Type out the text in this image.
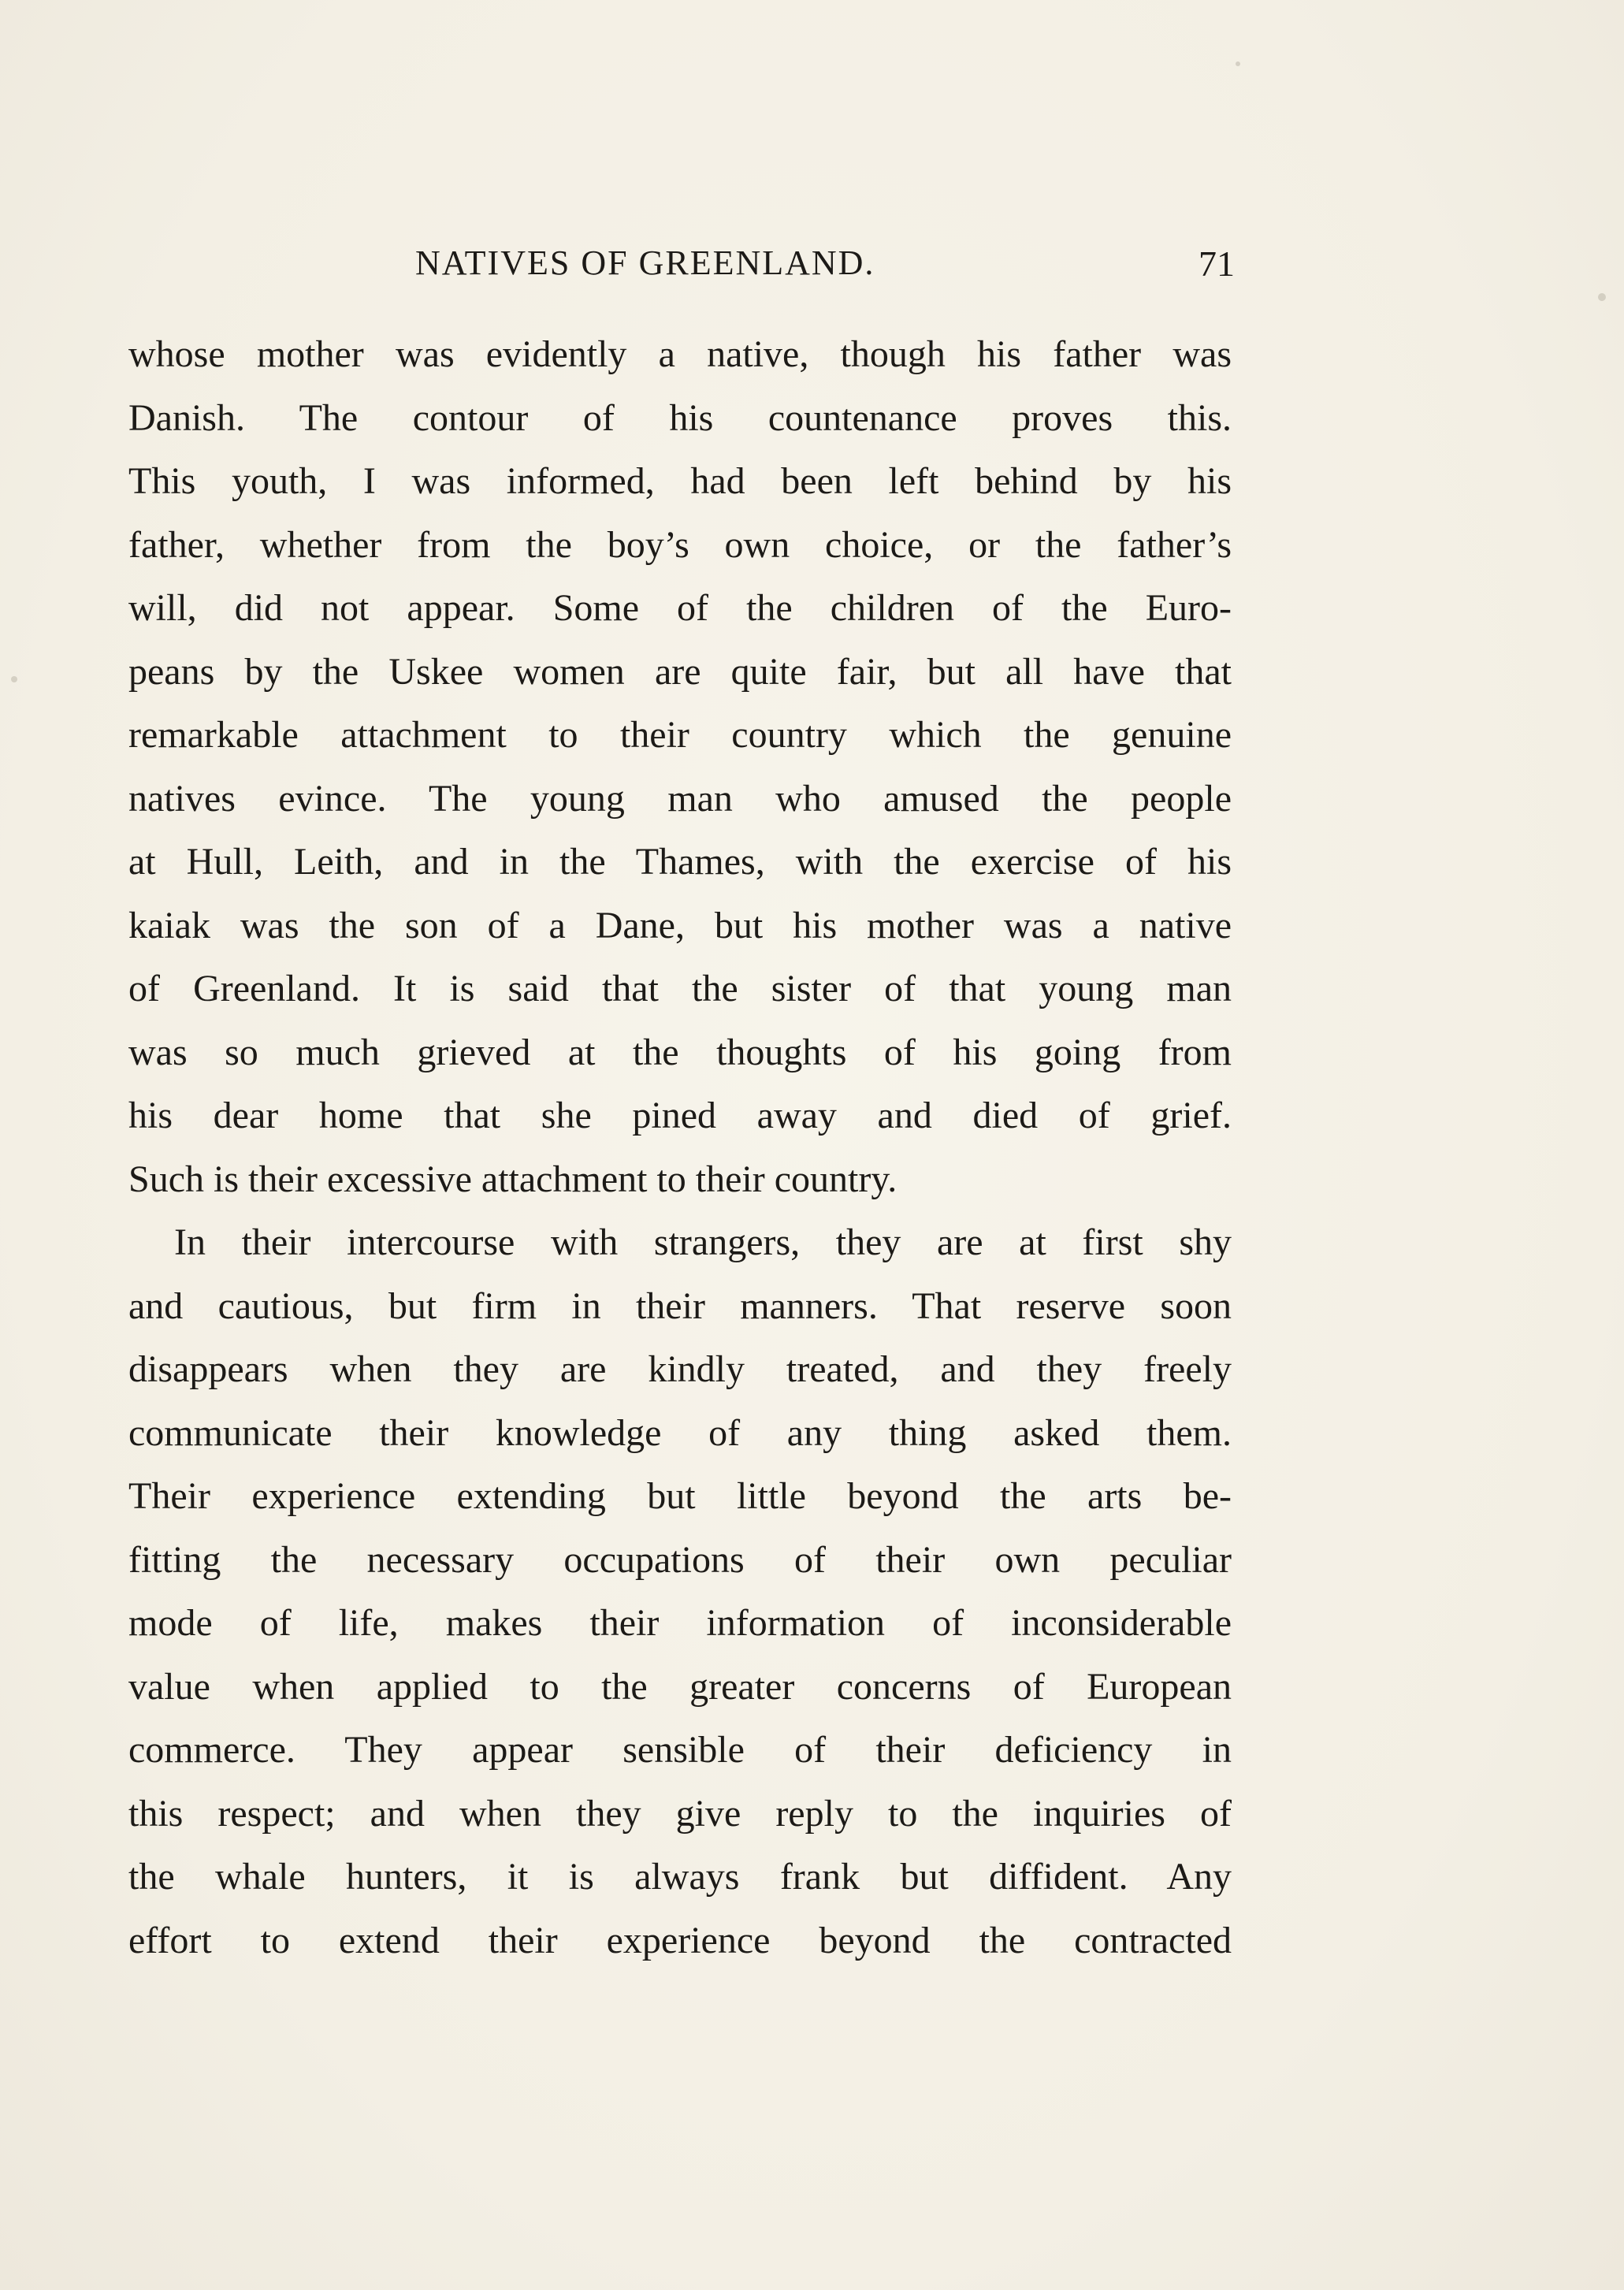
NATIVES OF GREENLAND.	71
whose mother was evidently a native, though his father was
Danish. The contour of his countenance proves this.
This youth, I was informed, had been left behind by his
father, whether from the boy’s own choice, or the father’s
will, did not appear. Some of the children of the Euro-
peans by the Uskee women are quite fair, but all have that
remarkable attachment to their country which the genuine
natives evince. The young man who amused the people
at Hull, Leith, and in the Thames, with the exercise of his
kaiak was the son of a Dane, but his mother was a native
of Greenland. It is said that the sister of that young man
was so much grieved at the thoughts of his going from
his dear home that she pined away and died of grief.
Such is their excessive attachment to their country.
In their intercourse with strangers, they are at first shy
and cautious, but firm in their manners. That reserve soon
disappears when they are kindly treated, and they freely
communicate their knowledge of any thing asked them.
Their experience extending but little beyond the arts be-
fitting the necessary occupations of their own peculiar
mode of life, makes their information of inconsiderable
value when applied to the greater concerns of European
commerce. They appear sensible of their deficiency in
this respect; and when they give reply to the inquiries of
the whale hunters, it is always frank but diffident. Any
effort to extend their experience beyond the contracted
